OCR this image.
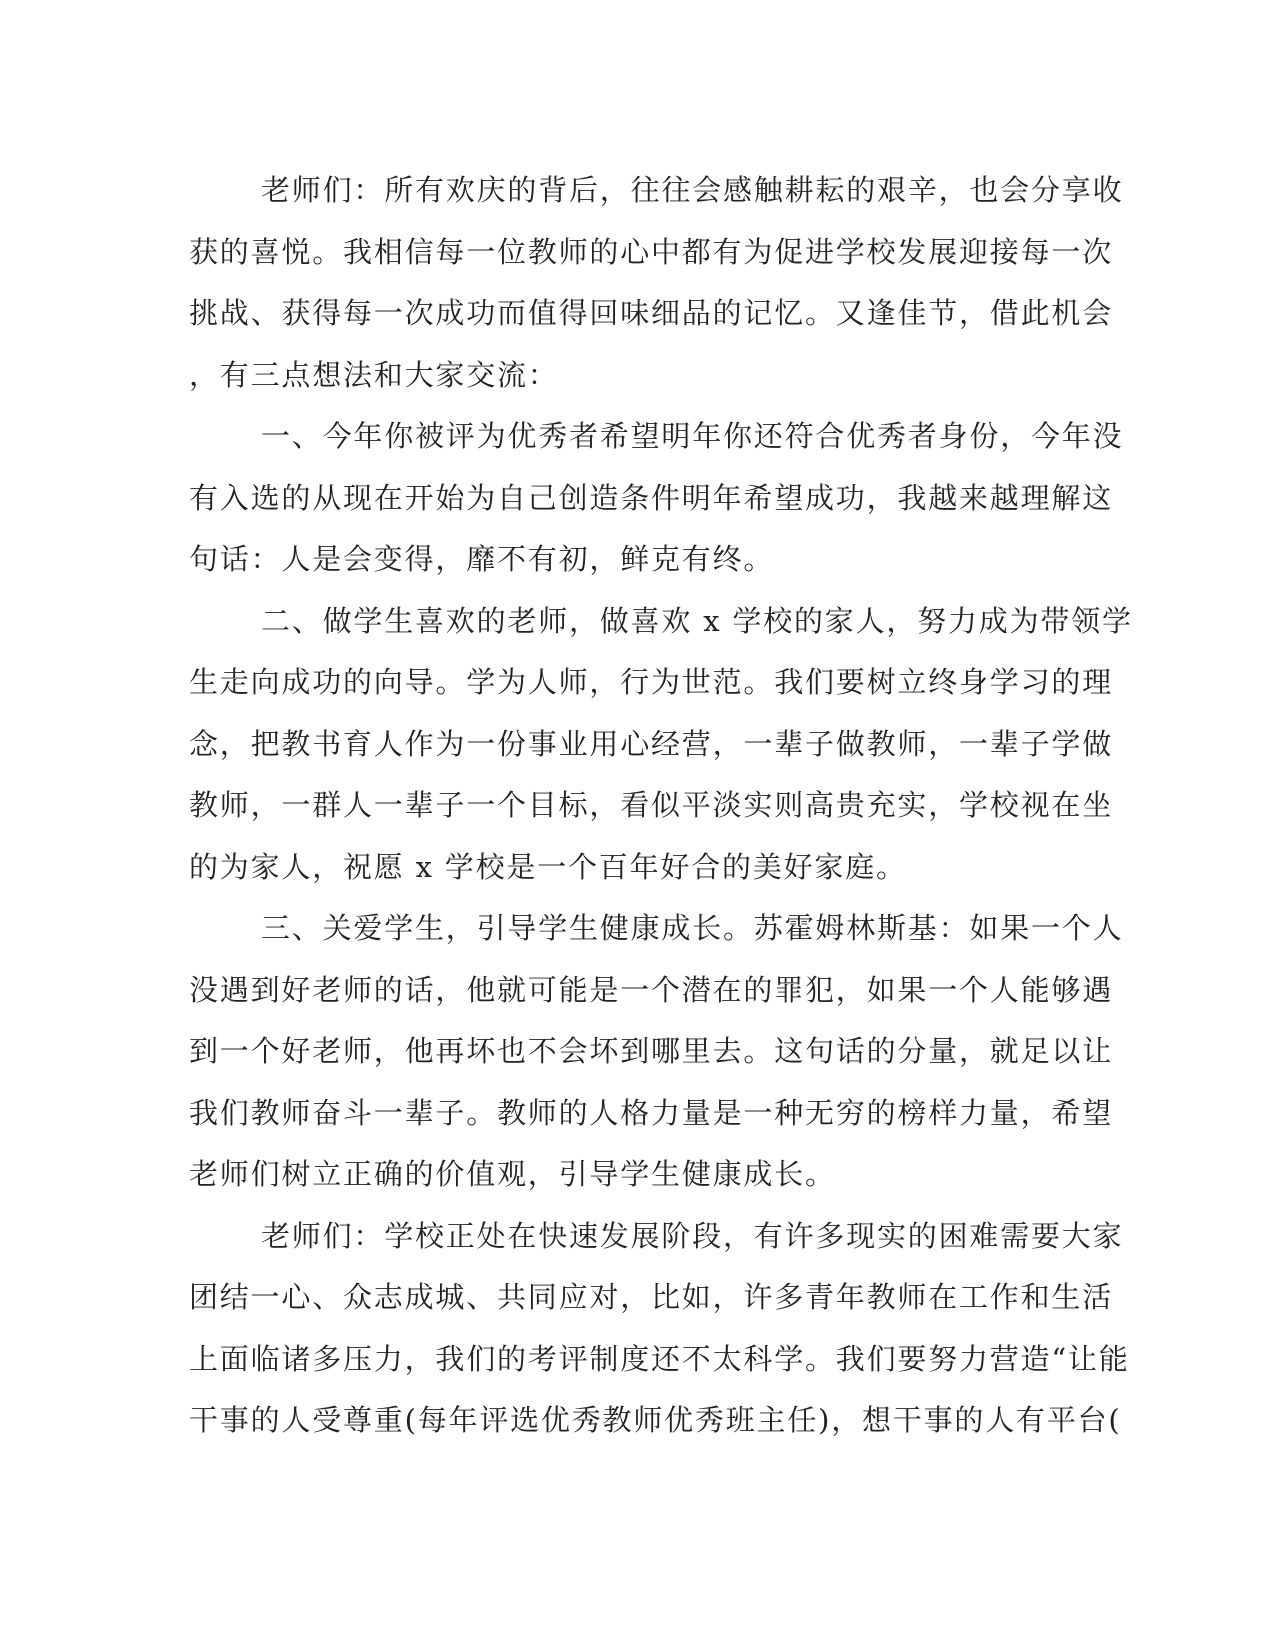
老师们：所有欢庆的背后，往往会感触耕耘的艰辛，也会分享收
获的喜悦。我相信每一位教师的心中都有为促进学校发展迎接每一次
挑战、获得每一次成功而值得回味细品的记忆。又逢佳节，借此机会
，有三点想法和大家交流：
一、今年你被评为优秀者希望明年你还符合优秀者身份，今年没
有入选的从现在开始为自己创造条件明年希望成功，我越来越理解这
句话：人是会变得，靡不有初，鲜克有终。
二、做学生喜欢的老师，做喜欢 x 学校的家人，努力成为带领学
生走向成功的向导。学为人师，行为世范。我们要树立终身学习的理
念，把教书育人作为一份事业用心经营，一辈子做教师，一辈子学做
教师，一群人一辈子一个目标，看似平淡实则高贵充实，学校视在坐
的为家人，祝愿 x 学校是一个百年好合的美好家庭。
三、关爱学生，引导学生健康成长。苏霍姆林斯基：如果一个人
没遇到好老师的话，他就可能是一个潜在的罪犯，如果一个人能够遇
到一个好老师，他再坏也不会坏到哪里去。这句话的分量，就足以让
我们教师奋斗一辈子。教师的人格力量是一种无穷的榜样力量，希望
老师们树立正确的价值观，引导学生健康成长。
老师们：学校正处在快速发展阶段，有许多现实的困难需要大家
团结一心、众志成城、共同应对，比如，许多青年教师在工作和生活
上面临诸多压力，我们的考评制度还不太科学。我们要努力营造“让能
干事的人受尊重(每年评选优秀教师优秀班主任)，想干事的人有平台(
